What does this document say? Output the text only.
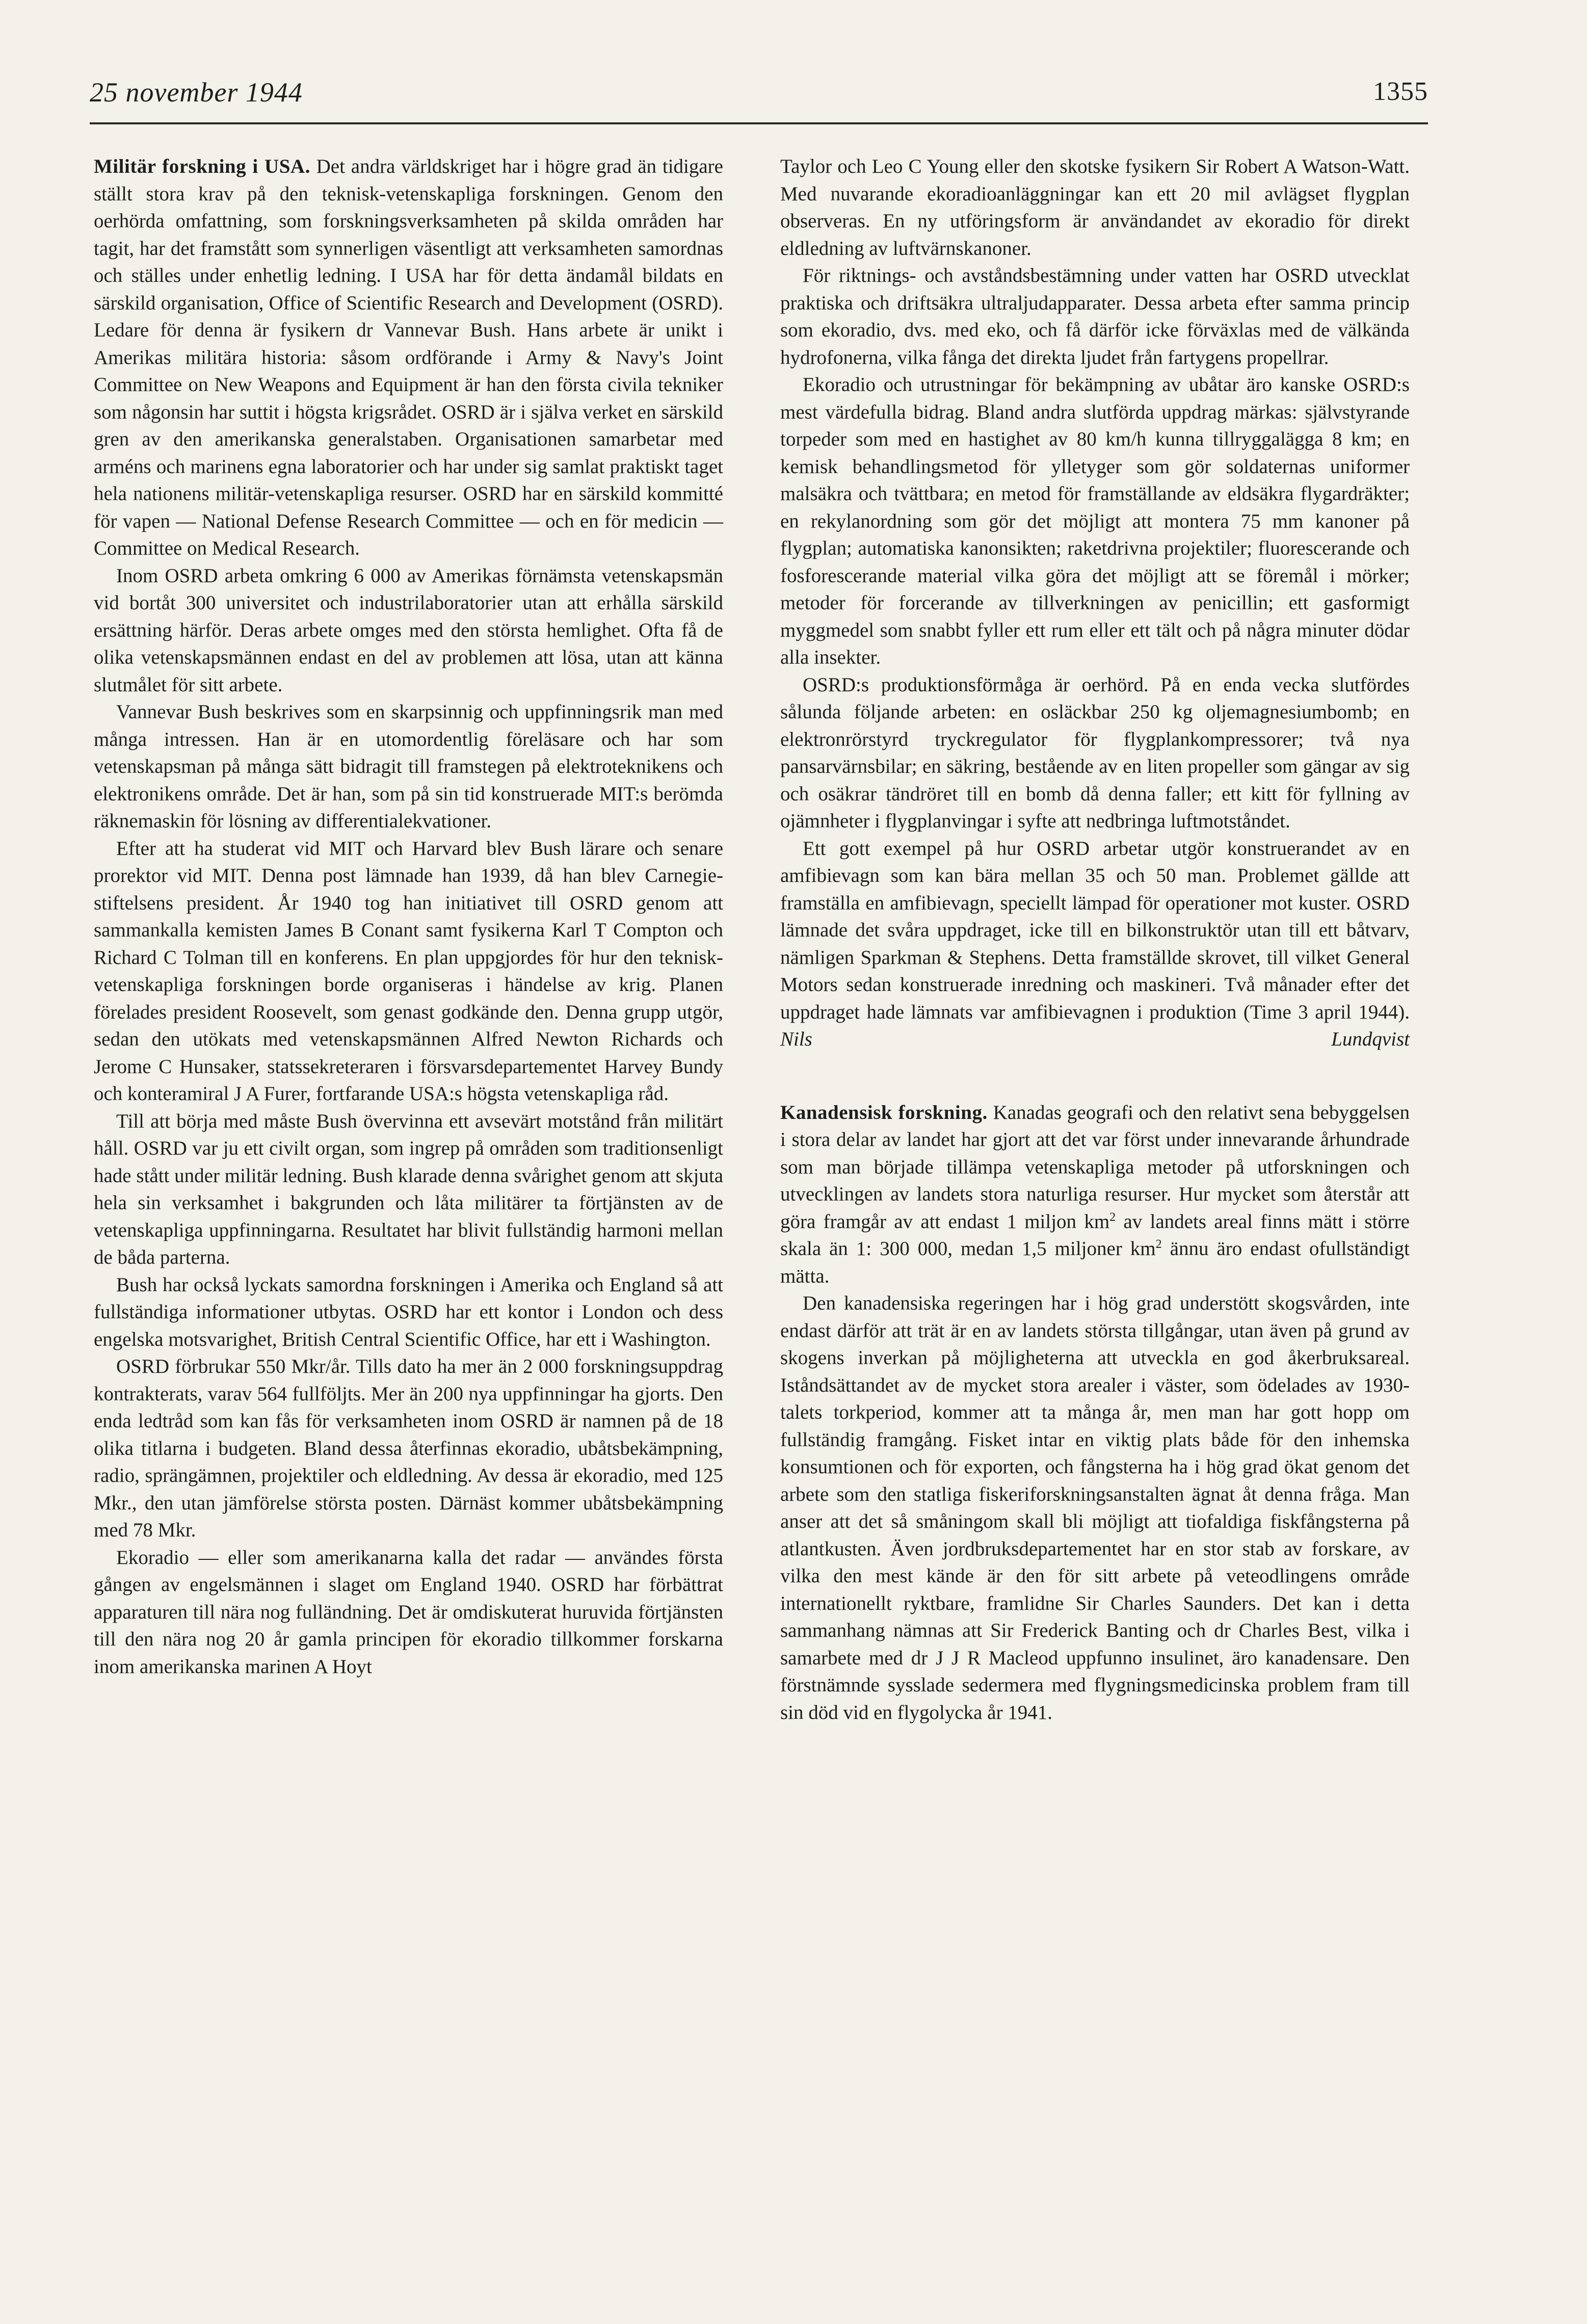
25 november 1944	1355

Militär forskning i USA. Det andra världskriget har i högre grad än tidigare ställt stora krav på den teknisk-vetenskapliga forskningen. Genom den oerhörda omfattning, som forskningsverksamheten på skilda områden har tagit, har det framstått som synnerligen väsentligt att verksamheten samordnas och ställes under enhetlig ledning. I USA har för detta ändamål bildats en särskild organisation, Office of Scientific Research and Development (OSRD). Ledare för denna är fysikern dr Vannevar Bush. Hans arbete är unikt i Amerikas militära historia: såsom ordförande i Army & Navy's Joint Committee on New Weapons and Equipment är han den första civila tekniker som någonsin har suttit i högsta krigsrådet. OSRD är i själva verket en särskild gren av den amerikanska generalstaben. Organisationen samarbetar med arméns och marinens egna laboratorier och har under sig samlat praktiskt taget hela nationens militär-vetenskapliga resurser. OSRD har en särskild kommitté för vapen — National Defense Research Committee — och en för medicin — Committee on Medical Research.

Inom OSRD arbeta omkring 6 000 av Amerikas förnämsta vetenskapsmän vid bortåt 300 universitet och industrilaboratorier utan att erhålla särskild ersättning härför. Deras arbete omges med den största hemlighet. Ofta få de olika vetenskapsmännen endast en del av problemen att lösa, utan att känna slutmålet för sitt arbete.

Vannevar Bush beskrives som en skarpsinnig och uppfinningsrik man med många intressen. Han är en utomordentlig föreläsare och har som vetenskapsman på många sätt bidragit till framstegen på elektroteknikens och elektronikens område. Det är han, som på sin tid konstruerade MIT:s berömda räknemaskin för lösning av differentialekvationer.

Efter att ha studerat vid MIT och Harvard blev Bush lärare och senare prorektor vid MIT. Denna post lämnade han 1939, då han blev Carnegie-stiftelsens president. År 1940 tog han initiativet till OSRD genom att sammankalla kemisten James B Conant samt fysikerna Karl T Compton och Richard C Tolman till en konferens. En plan uppgjordes för hur den teknisk-vetenskapliga forskningen borde organiseras i händelse av krig. Planen förelades president Roosevelt, som genast godkände den. Denna grupp utgör, sedan den utökats med vetenskapsmännen Alfred Newton Richards och Jerome C Hunsaker, statssekreteraren i försvarsdepartementet Harvey Bundy och konteramiral J A Furer, fortfarande USA:s högsta vetenskapliga råd.

Till att börja med måste Bush övervinna ett avsevärt motstånd från militärt håll. OSRD var ju ett civilt organ, som ingrep på områden som traditionsenligt hade stått under militär ledning. Bush klarade denna svårighet genom att skjuta hela sin verksamhet i bakgrunden och låta militärer ta förtjänsten av de vetenskapliga uppfinningarna. Resultatet har blivit fullständig harmoni mellan de båda parterna.

Bush har också lyckats samordna forskningen i Amerika och England så att fullständiga informationer utbytas. OSRD har ett kontor i London och dess engelska motsvarighet, British Central Scientific Office, har ett i Washington.

OSRD förbrukar 550 Mkr/år. Tills dato ha mer än 2 000 forskningsuppdrag kontrakterats, varav 564 fullföljts. Mer än 200 nya uppfinningar ha gjorts. Den enda ledtråd som kan fås för verksamheten inom OSRD är namnen på de 18 olika titlarna i budgeten. Bland dessa återfinnas ekoradio, ubåtsbekämpning, radio, sprängämnen, projektiler och eldledning. Av dessa är ekoradio, med 125 Mkr., den utan jämförelse största posten. Därnäst kommer ubåtsbekämpning med 78 Mkr.

Ekoradio — eller som amerikanarna kalla det radar — användes första gången av engelsmännen i slaget om England 1940. OSRD har förbättrat apparaturen till nära nog fulländning. Det är omdiskuterat huruvida förtjänsten till den nära nog 20 år gamla principen för ekoradio tillkommer forskarna inom amerikanska marinen A Hoyt

Taylor och Leo C Young eller den skotske fysikern Sir Robert A Watson-Watt. Med nuvarande ekoradioanläggningar kan ett 20 mil avlägset flygplan observeras. En ny utföringsform är användandet av ekoradio för direkt eldledning av luftvärnskanoner.

För riktnings- och avståndsbestämning under vatten har OSRD utvecklat praktiska och driftsäkra ultraljudapparater. Dessa arbeta efter samma princip som ekoradio, dvs. med eko, och få därför icke förväxlas med de välkända hydrofonerna, vilka fånga det direkta ljudet från fartygens propellrar.

Ekoradio och utrustningar för bekämpning av ubåtar äro kanske OSRD:s mest värdefulla bidrag. Bland andra slutförda uppdrag märkas: självstyrande torpeder som med en hastighet av 80 km/h kunna tillryggalägga 8 km; en kemisk behandlingsmetod för ylletyger som gör soldaternas uniformer malsäkra och tvättbara; en metod för framställande av eldsäkra flygardräkter; en rekylanordning som gör det möjligt att montera 75 mm kanoner på flygplan; automatiska kanonsikten; raketdrivna projektiler; fluorescerande och fosforescerande material vilka göra det möjligt att se föremål i mörker; metoder för forcerande av tillverkningen av penicillin; ett gasformigt myggmedel som snabbt fyller ett rum eller ett tält och på några minuter dödar alla insekter.

OSRD:s produktionsförmåga är oerhörd. På en enda vecka slutfördes sålunda följande arbeten: en osläckbar 250 kg oljemagnesiumbomb; en elektronrörstyrd tryckregulator för flygplankompressorer; två nya pansarvärnsbilar; en säkring, bestående av en liten propeller som gängar av sig och osäkrar tändröret till en bomb då denna faller; ett kitt för fyllning av ojämnheter i flygplanvingar i syfte att nedbringa luftmotståndet.

Ett gott exempel på hur OSRD arbetar utgör konstruerandet av en amfibievagn som kan bära mellan 35 och 50 man. Problemet gällde att framställa en amfibievagn, speciellt lämpad för operationer mot kuster. OSRD lämnade det svåra uppdraget, icke till en bilkonstruktör utan till ett båtvarv, nämligen Sparkman & Stephens. Detta framställde skrovet, till vilket General Motors sedan konstruerade inredning och maskineri. Två månader efter det uppdraget hade lämnats var amfibievagnen i produktion (Time 3 april 1944). Nils Lundqvist

Kanadensisk forskning. Kanadas geografi och den relativt sena bebyggelsen i stora delar av landet har gjort att det var först under innevarande århundrade som man började tillämpa vetenskapliga metoder på utforskningen och utvecklingen av landets stora naturliga resurser. Hur mycket som återstår att göra framgår av att endast 1 miljon $km^2$ av landets areal finns mätt i större skala än 1: 300 000, medan 1,5 miljoner $km^2$ ännu äro endast ofullständigt mätta.

Den kanadensiska regeringen har i hög grad understött skogsvården, inte endast därför att trät är en av landets största tillgångar, utan även på grund av skogens inverkan på möjligheterna att utveckla en god åkerbruksareal. Iståndsättandet av de mycket stora arealer i väster, som ödelades av 1930-talets torkperiod, kommer att ta många år, men man har gott hopp om fullständig framgång. Fisket intar en viktig plats både för den inhemska konsumtionen och för exporten, och fångsterna ha i hög grad ökat genom det arbete som den statliga fiskeriforskningsanstalten ägnat åt denna fråga. Man anser att det så småningom skall bli möjligt att tiofaldiga fiskfångsterna på atlantkusten. Även jordbruksdepartementet har en stor stab av forskare, av vilka den mest kände är den för sitt arbete på veteodlingens område internationellt ryktbare, framlidne Sir Charles Saunders. Det kan i detta sammanhang nämnas att Sir Frederick Banting och dr Charles Best, vilka i samarbete med dr J J R Macleod uppfunno insulinet, äro kanadensare. Den förstnämnde sysslade sedermera med flygningsmedicinska problem fram till sin död vid en flygolycka år 1941.
